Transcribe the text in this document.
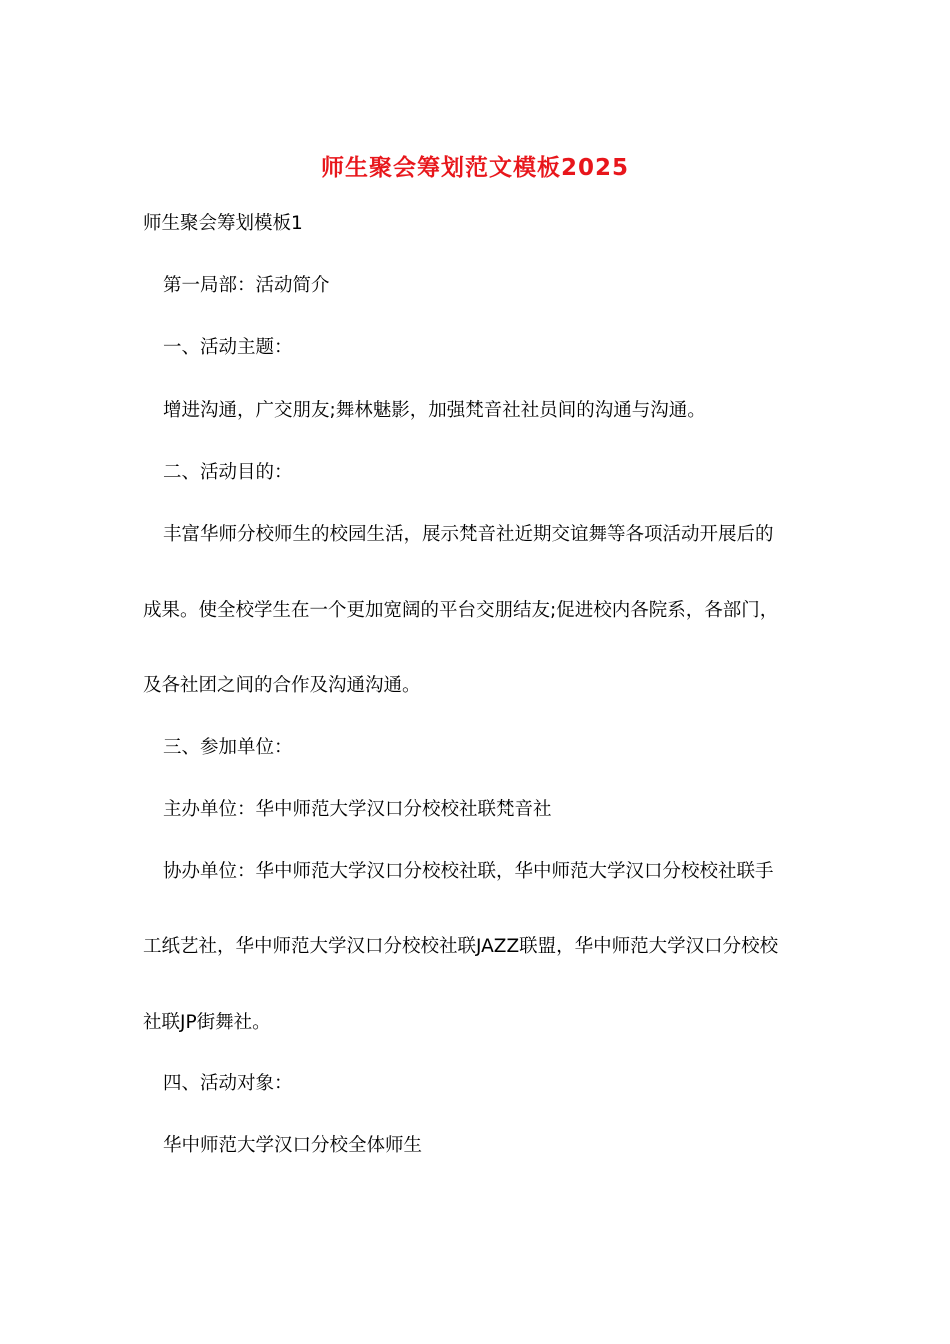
师生聚会筹划范文模板2025

师生聚会筹划模板1

第一局部：活动简介

一、活动主题：

增进沟通，广交朋友;舞林魅影，加强梵音社社员间的沟通与沟通。

二、活动目的：

丰富华师分校师生的校园生活，展示梵音社近期交谊舞等各项活动开展后的

成果。使全校学生在一个更加宽阔的平台交朋结友;促进校内各院系，各部门，

及各社团之间的合作及沟通沟通。

三、参加单位：

主办单位：华中师范大学汉口分校校社联梵音社

协办单位：华中师范大学汉口分校校社联，华中师范大学汉口分校校社联手

工纸艺社，华中师范大学汉口分校校社联JAZZ联盟，华中师范大学汉口分校校

社联JP街舞社。

四、活动对象：

华中师范大学汉口分校全体师生
